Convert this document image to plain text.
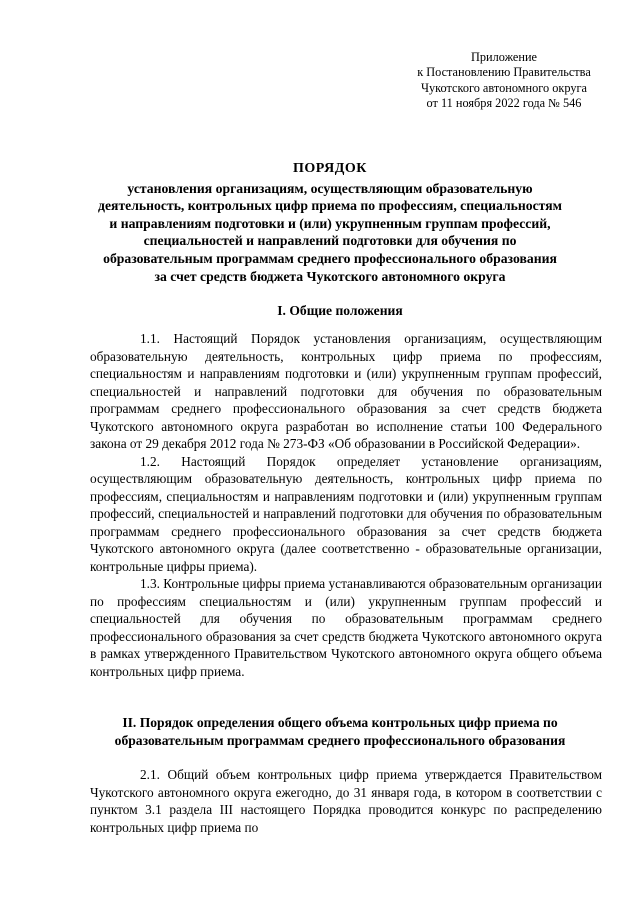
Приложение
к Постановлению Правительства
Чукотского автономного округа
от 11 ноября 2022 года № 546
ПОРЯДОК
установления организациям, осуществляющим образовательную
деятельность, контрольных цифр приема по профессиям, специальностям
и направлениям подготовки и (или) укрупненным группам профессий,
специальностей и направлений подготовки для обучения по
образовательным программам среднего профессионального образования
за счет средств бюджета Чукотского автономного округа
I. Общие положения

1.1. Настоящий Порядок установления организациям, осуществляющим образовательную деятельность, контрольных цифр приема по профессиям, специальностям и направлениям подготовки и (или) укрупненным группам профессий, специальностей и направлений подготовки для обучения по образовательным программам среднего профессионального образования за счет средств бюджета Чукотского автономного округа разработан во исполнение статьи 100 Федерального закона от 29 декабря 2012 года № 273-ФЗ «Об образовании в Российской Федерации».

1.2. Настоящий Порядок определяет установление организациям, осуществляющим образовательную деятельность, контрольных цифр приема по профессиям, специальностям и направлениям подготовки и (или) укрупненным группам профессий, специальностей и направлений подготовки для обучения по образовательным программам среднего профессионального образования за счет средств бюджета Чукотского автономного округа (далее соответственно - образовательные организации, контрольные цифры приема).

1.3. Контрольные цифры приема устанавливаются образовательным организации по профессиям специальностям и (или) укрупненным группам профессий и специальностей для обучения по образовательным программам среднего профессионального образования за счет средств бюджета Чукотского автономного округа в рамках утвержденного Правительством Чукотского автономного округа общего объема контрольных цифр приема.

II. Порядок определения общего объема контрольных цифр приема по
образовательным программам среднего профессионального образования

2.1. Общий объем контрольных цифр приема утверждается Правительством Чукотского автономного округа ежегодно, до 31 января года, в котором в соответствии с пунктом 3.1 раздела III настоящего Порядка проводится конкурс по распределению контрольных цифр приема по
